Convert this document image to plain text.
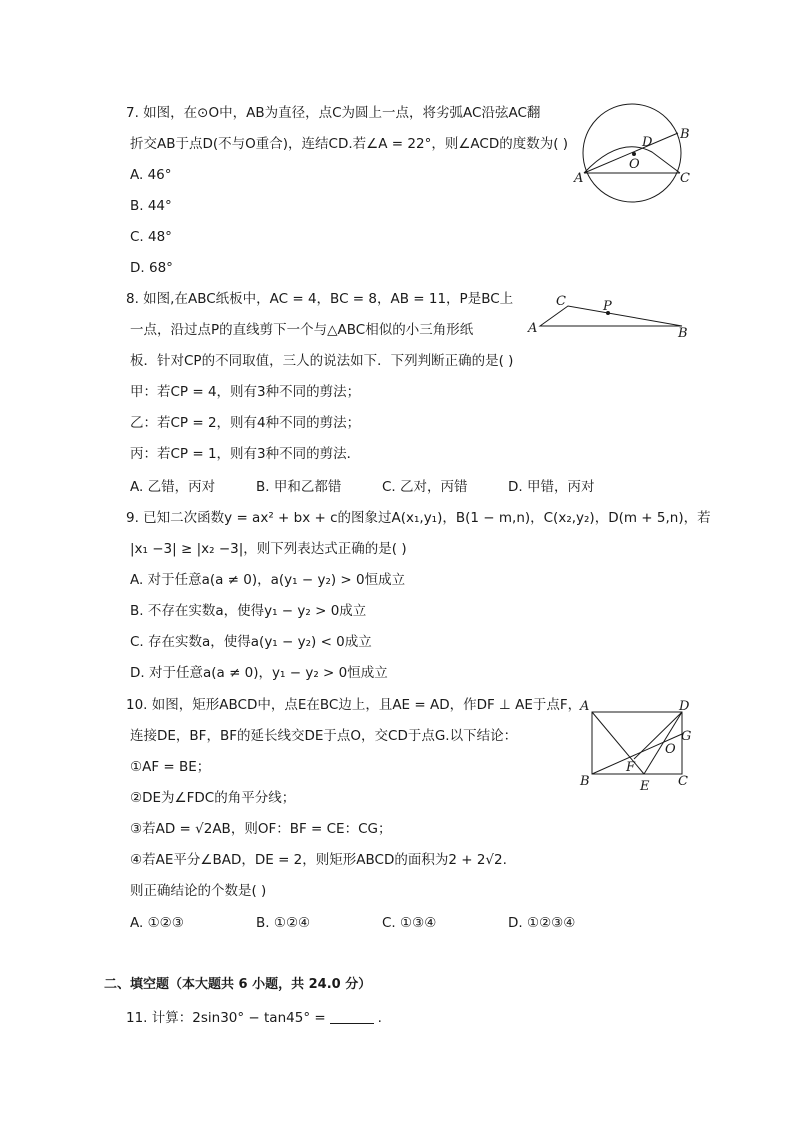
7. 如图，在⊙O中，AB为直径，点C为圆上一点，将劣弧AC沿弦AC翻
折交AB于点D(不与O重合)，连结CD.若∠A = 22°，则∠ACD的度数为( )
A. 46°
B. 44°
C. 48°
D. 68°
A
B
C
D
O
8. 如图,在ABC纸板中，AC = 4，BC = 8，AB = 11，P是BC上
一点，沿过点P的直线剪下一个与△ABC相似的小三角形纸
板．针对CP的不同取值，三人的说法如下．下列判断正确的是( )
甲：若CP = 4，则有3种不同的剪法；
乙：若CP = 2，则有4种不同的剪法；
丙：若CP = 1，则有3种不同的剪法．
A. 乙错，丙对	B. 甲和乙都错	C. 乙对，丙错	D. 甲错，丙对
A
C	P
B
9. 已知二次函数y = ax² + bx + c的图象过A(x₁,y₁)，B(1 − m,n)，C(x₂,y₂)，D(m + 5,n)，若
|x₁ −3| ≥ |x₂ −3|，则下列表达式正确的是( )
A. 对于任意a(a ≠ 0)，a(y₁ − y₂) > 0恒成立
B. 不存在实数a，使得y₁ − y₂ > 0成立
C. 存在实数a，使得a(y₁ − y₂) < 0成立
D. 对于任意a(a ≠ 0)，y₁ − y₂ > 0恒成立
10. 如图，矩形ABCD中，点E在BC边上，且AE = AD，作DF ⊥ AE于点F，
连接DE，BF，BF的延长线交DE于点O，交CD于点G.以下结论：
①AF = BE；
②DE为∠FDC的角平分线；
③若AD = √2AB，则OF：BF = CE：CG；
④若AE平分∠BAD，DE = 2，则矩形ABCD的面积为2 + 2√2.
则正确结论的个数是( )
A. ①②③	B. ①②④	C. ①③④	D. ①②③④
A	D
B	C
E
F
G
O
二、填空题（本大题共 6 小题，共 24.0 分）
11. 计算：2sin30° − tan45° =	.
